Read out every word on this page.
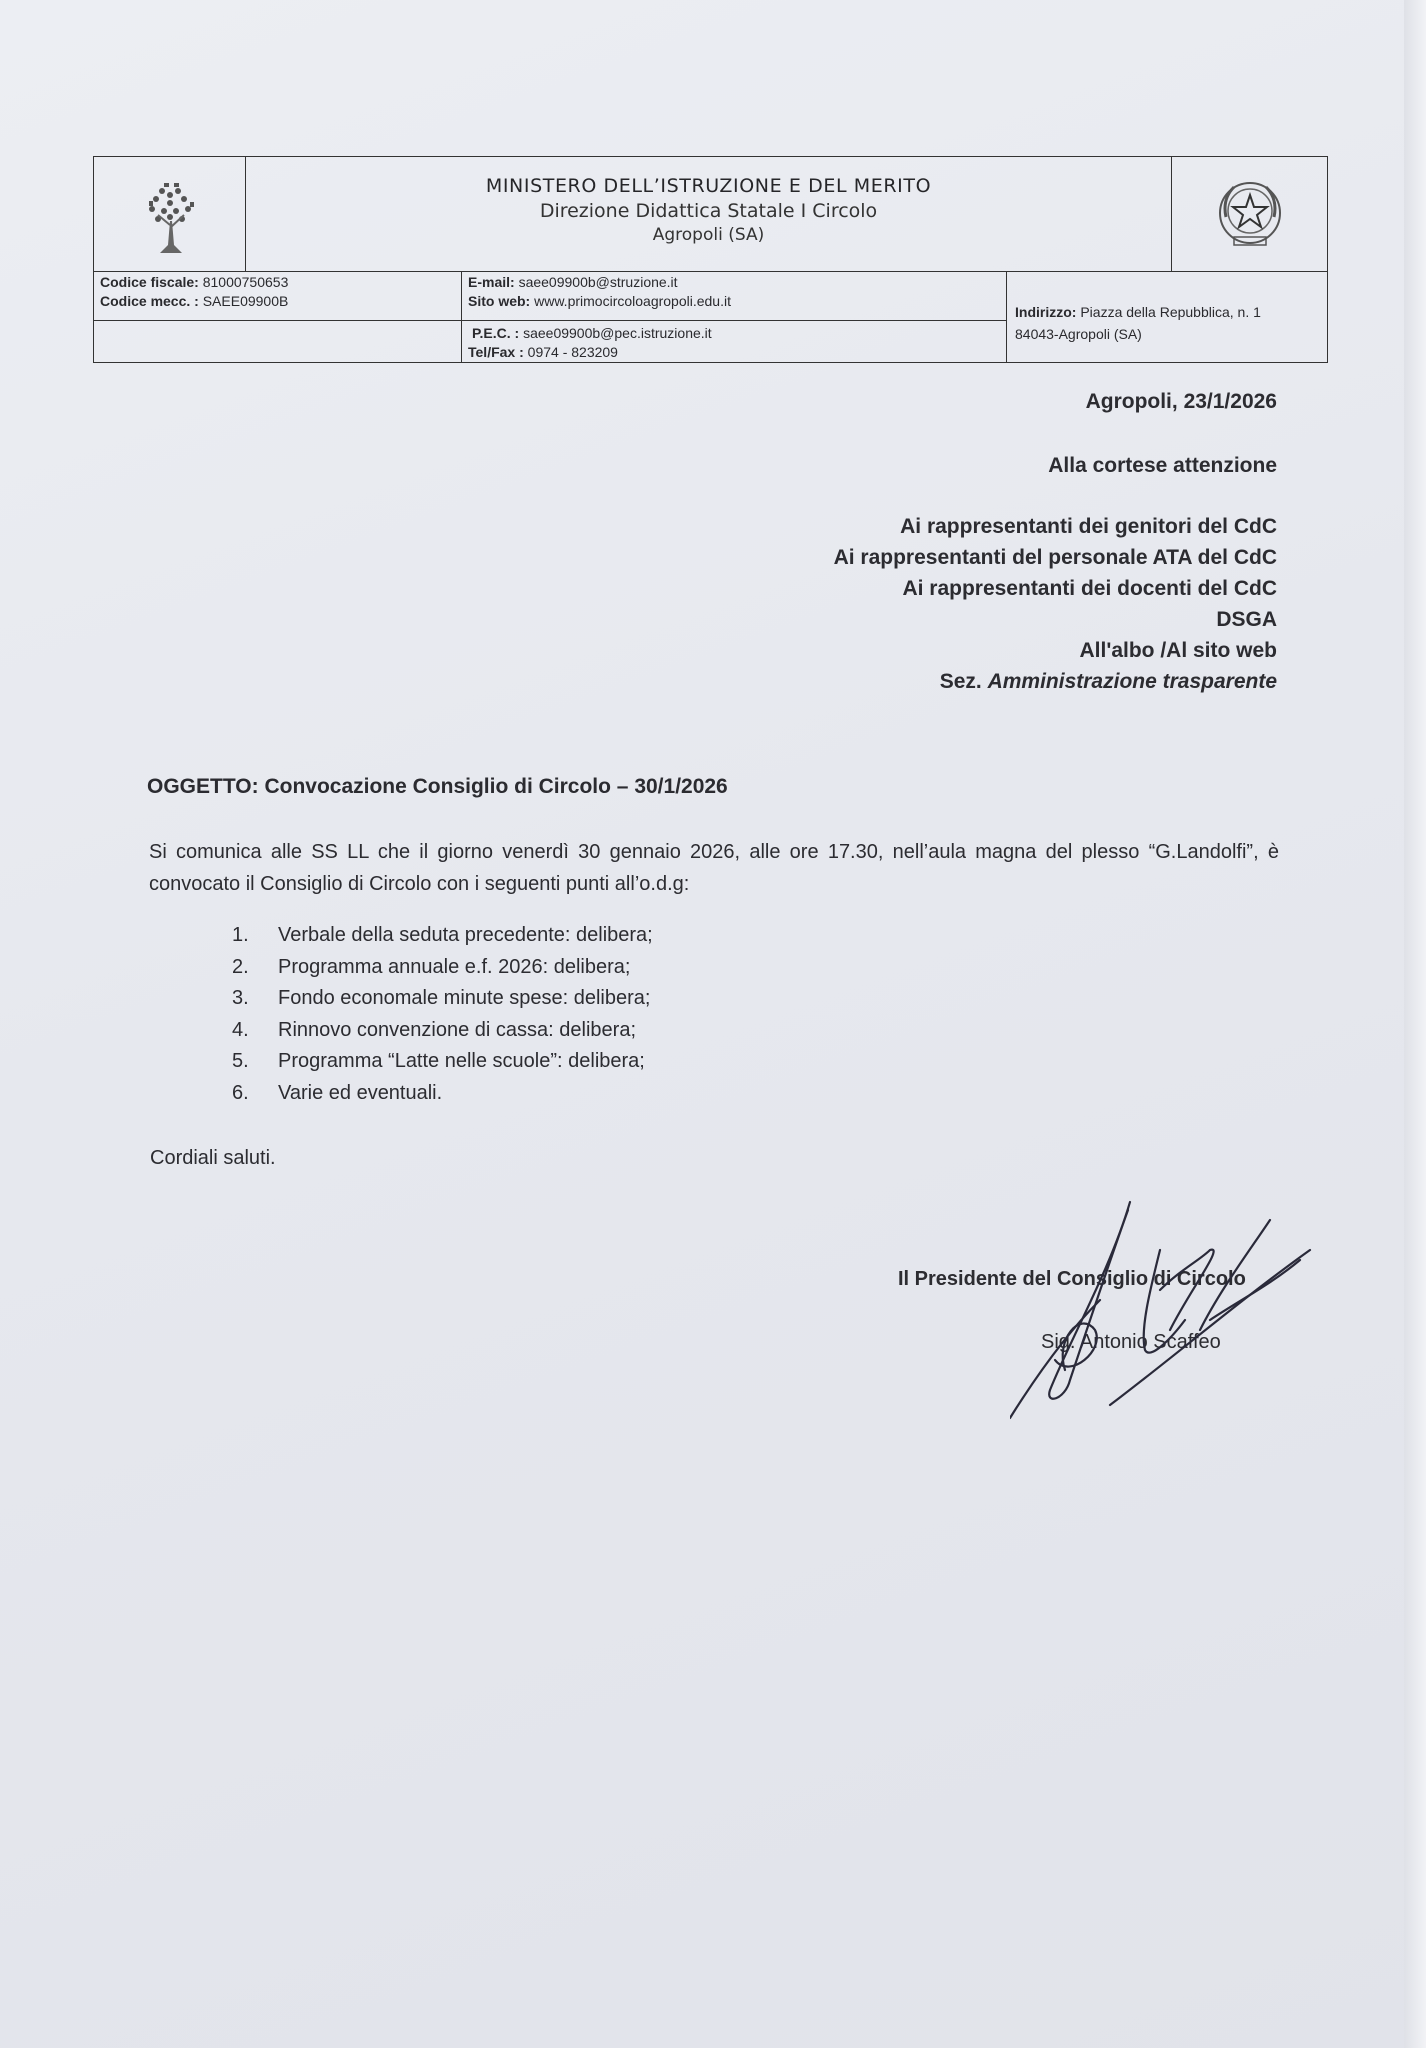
MINISTERO DELL’ISTRUZIONE E DEL MERITO
Direzione Didattica Statale I Circolo
Agropoli (SA)
Codice fiscale: 81000750653
Codice mecc. : SAEE09900B
E-mail: saee09900b@struzione.it
Sito web: www.primocircoloagropoli.edu.it
P.E.C. : saee09900b@pec.istruzione.it
Tel/Fax : 0974 - 823209
Indirizzo: Piazza della Repubblica, n. 1
84043-Agropoli (SA)
Agropoli, 23/1/2026
Alla cortese attenzione
Ai rappresentanti dei genitori del CdC
Ai rappresentanti del personale ATA del CdC
Ai rappresentanti dei docenti del CdC
DSGA
All'albo /Al sito web
Sez. Amministrazione trasparente
OGGETTO: Convocazione Consiglio di Circolo – 30/1/2026
Si comunica alle SS LL che il giorno venerdì 30 gennaio 2026, alle ore 17.30, nell’aula magna del plesso “G.Landolfi”, è convocato il Consiglio di Circolo con i seguenti punti all’o.d.g:
1.	Verbale della seduta precedente: delibera;
2.	Programma annuale e.f. 2026: delibera;
3.	Fondo economale minute spese: delibera;
4.	Rinnovo convenzione di cassa: delibera;
5.	Programma “Latte nelle scuole”: delibera;
6.	Varie ed eventuali.
Cordiali saluti.
Il Presidente del Consiglio di Circolo
Sig. Antonio Scaffeo
